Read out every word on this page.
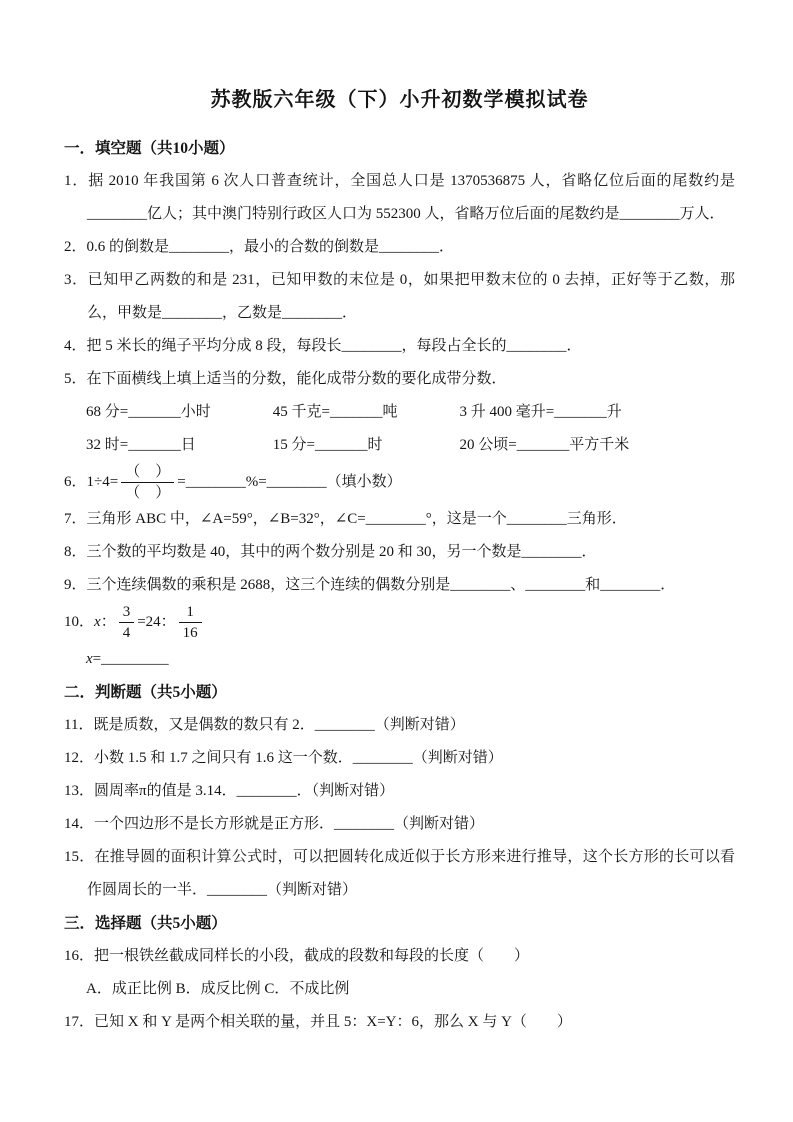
苏教版六年级（下）小升初数学模拟试卷
一．填空题（共10小题）

1．据 2010 年我国第 6 次人口普查统计，全国总人口是 1370536875 人，省略亿位后面的尾数约是________亿人；其中澳门特别行政区人口为 552300 人，省略万位后面的尾数约是________万人．

2．0.6 的倒数是________，最小的合数的倒数是________．

3．已知甲乙两数的和是 231，已知甲数的末位是 0，如果把甲数末位的 0 去掉，正好等于乙数，那么，甲数是________，乙数是________．

4．把 5 米长的绳子平均分成 8 段，每段长________，每段占全长的________．

5．在下面横线上填上适当的分数，能化成带分数的要化成带分数．

68 分=_______小时	45 千克=_______吨	3 升 400 毫升=_______升

32 时=_______日	15 分=_______时	20 公顷=_______平方千米

6．$1\div 4= \frac{( )}{( )}$ =________%=________（填小数）

7．三角形 ABC 中，∠A=59°，∠B=32°，∠C=________°，这是一个________三角形．

8．三个数的平均数是 40，其中的两个数分别是 20 和 30，另一个数是________．

9．三个连续偶数的乘积是 2688，这三个连续的偶数分别是________、________和________．

10．x： $\frac{3}{4} =24$： $\frac{1}{16}$

x=_________

二．判断题（共5小题）

11．既是质数，又是偶数的数只有 2．________（判断对错）

12．小数 1.5 和 1.7 之间只有 1.6 这一个数．________（判断对错）

13．圆周率π的值是 3.14．________．（判断对错）

14．一个四边形不是长方形就是正方形．________（判断对错）

15．在推导圆的面积计算公式时，可以把圆转化成近似于长方形来进行推导，这个长方形的长可以看作圆周长的一半．________（判断对错）

三．选择题（共5小题）

16．把一根铁丝截成同样长的小段，截成的段数和每段的长度（　　）

A．成正比例 B．成反比例 C．不成比例

17．已知 X 和 Y 是两个相关联的量，并且 5：X=Y：6，那么 X 与 Y（　　）
